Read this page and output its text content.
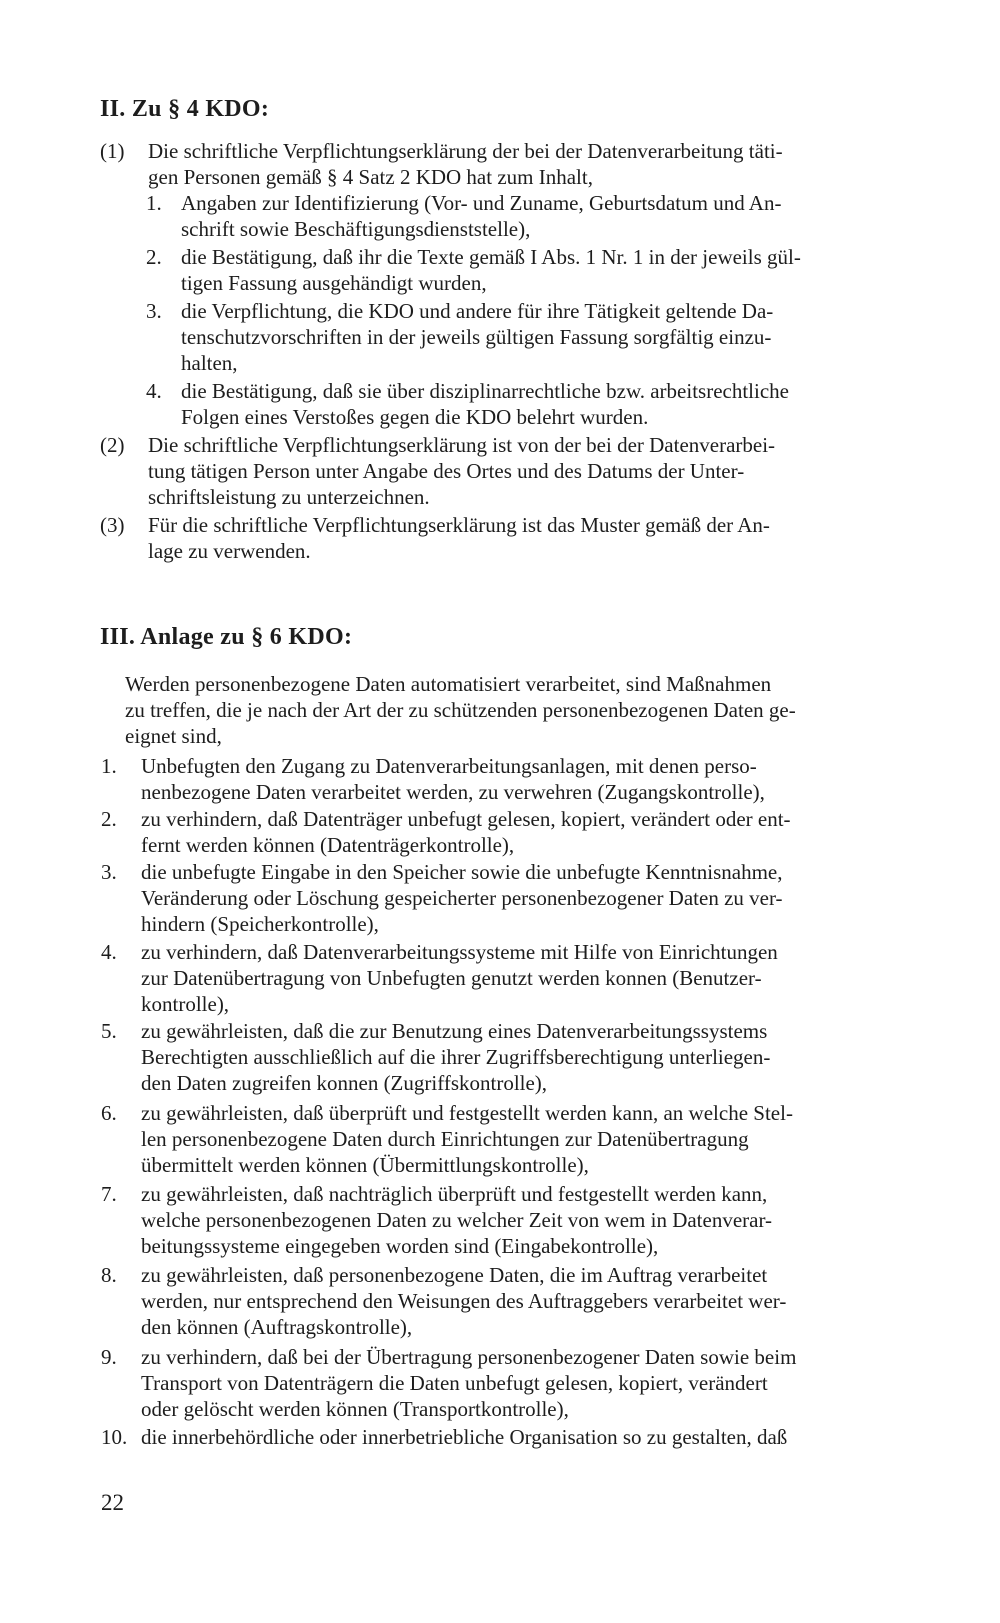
II. Zu § 4 KDO:
(1) Die schriftliche Verpflichtungserklärung der bei der Datenverarbeitung täti-
gen Personen gemäß § 4 Satz 2 KDO hat zum Inhalt,
1. Angaben zur Identifizierung (Vor- und Zuname, Geburtsdatum und An-
schrift sowie Beschäftigungsdienststelle),
2. die Bestätigung, daß ihr die Texte gemäß I Abs. 1 Nr. 1 in der jeweils gül-
tigen Fassung ausgehändigt wurden,
3. die Verpflichtung, die KDO und andere für ihre Tätigkeit geltende Da-
tenschutzvorschriften in der jeweils gültigen Fassung sorgfältig einzu-
halten,
4. die Bestätigung, daß sie über disziplinarrechtliche bzw. arbeitsrechtliche
Folgen eines Verstoßes gegen die KDO belehrt wurden.
(2) Die schriftliche Verpflichtungserklärung ist von der bei der Datenverarbei-
tung tätigen Person unter Angabe des Ortes und des Datums der Unter-
schriftsleistung zu unterzeichnen.
(3) Für die schriftliche Verpflichtungserklärung ist das Muster gemäß der An-
lage zu verwenden.
III. Anlage zu § 6 KDO:
Werden personenbezogene Daten automatisiert verarbeitet, sind Maßnahmen
zu treffen, die je nach der Art der zu schützenden personenbezogenen Daten ge-
eignet sind,
1. Unbefugten den Zugang zu Datenverarbeitungsanlagen, mit denen perso-
nenbezogene Daten verarbeitet werden, zu verwehren (Zugangskontrolle),
2. zu verhindern, daß Datenträger unbefugt gelesen, kopiert, verändert oder ent-
fernt werden können (Datenträgerkontrolle),
3. die unbefugte Eingabe in den Speicher sowie die unbefugte Kenntnisnahme,
Veränderung oder Löschung gespeicherter personenbezogener Daten zu ver-
hindern (Speicherkontrolle),
4. zu verhindern, daß Datenverarbeitungssysteme mit Hilfe von Einrichtungen
zur Datenübertragung von Unbefugten genutzt werden konnen (Benutzer-
kontrolle),
5. zu gewährleisten, daß die zur Benutzung eines Datenverarbeitungssystems
Berechtigten ausschließlich auf die ihrer Zugriffsberechtigung unterliegen-
den Daten zugreifen konnen (Zugriffskontrolle),
6. zu gewährleisten, daß überprüft und festgestellt werden kann, an welche Stel-
len personenbezogene Daten durch Einrichtungen zur Datenübertragung
übermittelt werden können (Übermittlungskontrolle),
7. zu gewährleisten, daß nachträglich überprüft und festgestellt werden kann,
welche personenbezogenen Daten zu welcher Zeit von wem in Datenverar-
beitungssysteme eingegeben worden sind (Eingabekontrolle),
8. zu gewährleisten, daß personenbezogene Daten, die im Auftrag verarbeitet
werden, nur entsprechend den Weisungen des Auftraggebers verarbeitet wer-
den können (Auftragskontrolle),
9. zu verhindern, daß bei der Übertragung personenbezogener Daten sowie beim
Transport von Datenträgern die Daten unbefugt gelesen, kopiert, verändert
oder gelöscht werden können (Transportkontrolle),
10. die innerbehördliche oder innerbetriebliche Organisation so zu gestalten, daß
22
